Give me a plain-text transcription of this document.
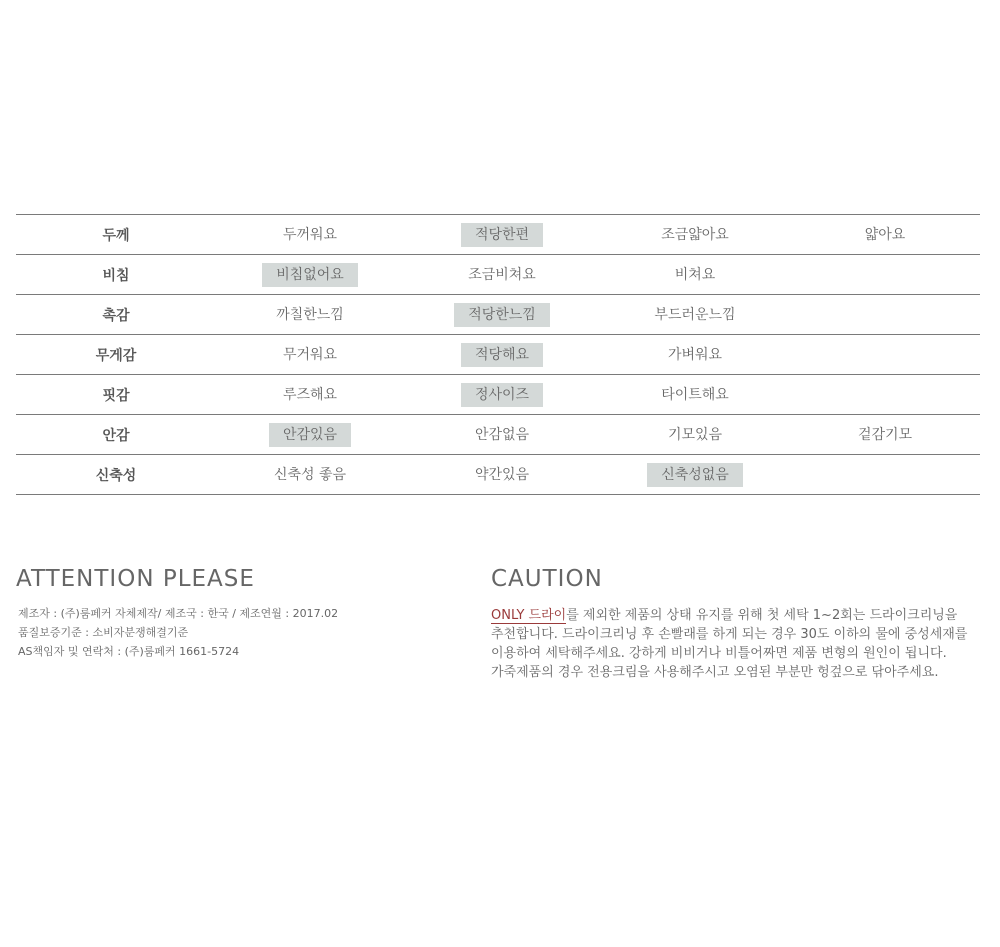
두께	두꺼워요	적당한편	조금얇아요	얇아요
비침	비침없어요	조금비쳐요	비쳐요
촉감	까칠한느낌	적당한느낌	부드러운느낌
무게감	무거워요	적당해요	가벼워요
핏감	루즈해요	정사이즈	타이트해요
안감	안감있음	안감없음	기모있음	겉감기모
신축성	신축성 좋음	약간있음	신축성없음
ATTENTION PLEASE
제조자 : (주)룸페커 자체제작/ 제조국 : 한국 / 제조연월 : 2017.02
품질보증기준 : 소비자분쟁해결기준
AS책임자 및 연락처 : (주)룸페커 1661-5724
CAUTION
ONLY 드라이를 제외한 제품의 상태 유지를 위해 첫 세탁 1~2회는 드라이크리닝을
추천합니다. 드라이크리닝 후 손빨래를 하게 되는 경우 30도 이하의 물에 중성세재를
이용하여 세탁해주세요. 강하게 비비거나 비틀어짜면 제품 변형의 원인이 됩니다.
가죽제품의 경우 전용크림을 사용해주시고 오염된 부분만 헝겊으로 닦아주세요.
